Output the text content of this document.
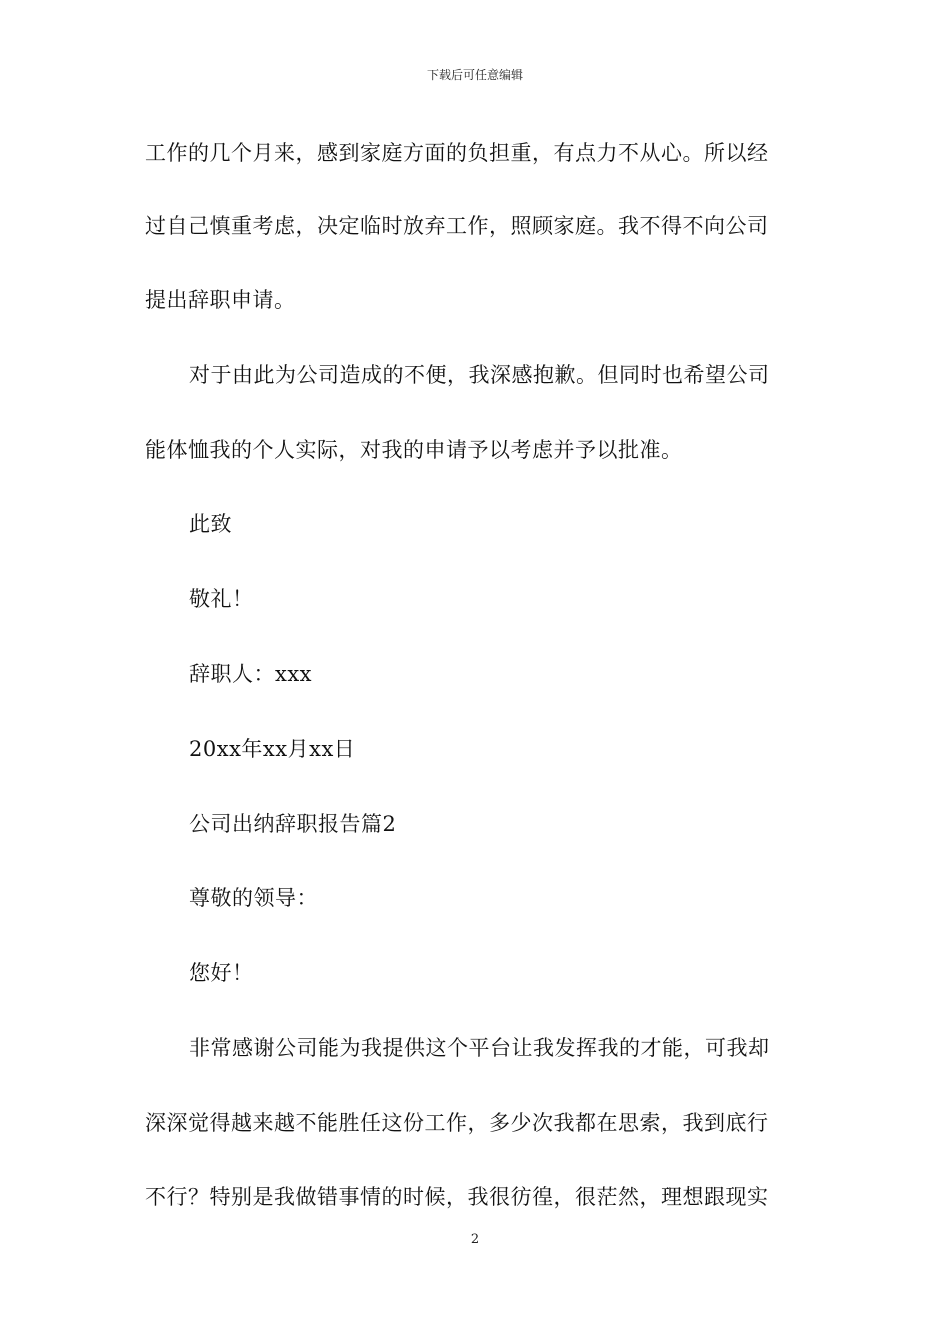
下载后可任意编辑
工作的几个月来，感到家庭方面的负担重，有点力不从心。所以经
过自己慎重考虑，决定临时放弃工作，照顾家庭。我不得不向公司
提出辞职申请。
对于由此为公司造成的不便，我深感抱歉。但同时也希望公司
能体恤我的个人实际，对我的申请予以考虑并予以批准。
此致
敬礼！
辞职人：xxx
20xx年xx月xx日
公司出纳辞职报告篇2
尊敬的领导：
您好！
非常感谢公司能为我提供这个平台让我发挥我的才能，可我却
深深觉得越来越不能胜任这份工作，多少次我都在思索，我到底行
不行？特别是我做错事情的时候，我很彷徨，很茫然，理想跟现实
2
